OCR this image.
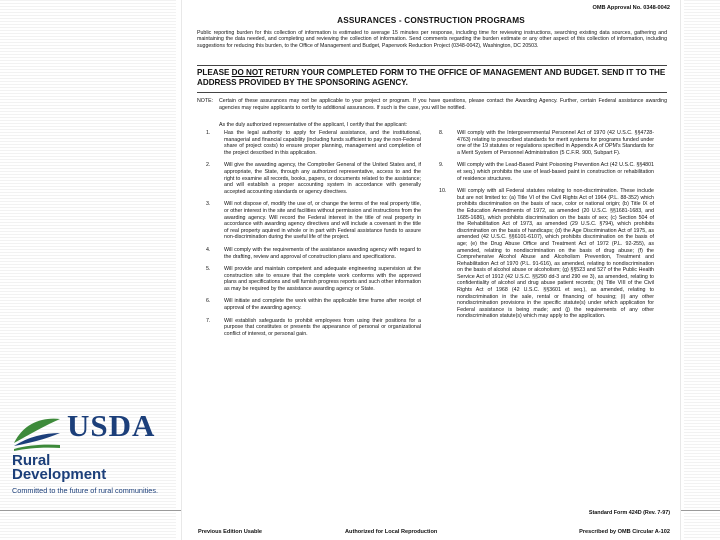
USDA
Rural
Development
Committed to the future of rural communities.
OMB Approval No. 0348-0042
ASSURANCES - CONSTRUCTION PROGRAMS
Public reporting burden for this collection of information is estimated to average 15 minutes per response, including time for reviewing instructions, searching existing data sources, gathering and maintaining the data needed, and completing and reviewing the collection of information. Send comments regarding the burden estimate or any other aspect of this collection of information, including suggestions for reducing this burden, to the Office of Management and Budget, Paperwork Reduction Project (0348-0042), Washington, DC 20503.
PLEASE DO NOT RETURN YOUR COMPLETED FORM TO THE OFFICE OF MANAGEMENT AND BUDGET. SEND IT TO THE ADDRESS PROVIDED BY THE SPONSORING AGENCY.
NOTE:	Certain of these assurances may not be applicable to your project or program. If you have questions, please contact the Awarding Agency. Further, certain Federal assistance awarding agencies may require applicants to certify to additional assurances. If such is the case, you will be notified.
As the duly authorized representative of the applicant, I certify that the applicant:
1.	Has the legal authority to apply for Federal assistance, and the institutional, managerial and financial capability (including funds sufficient to pay the non-Federal share of project costs) to ensure proper planning, management and completion of the project described in this application.
2.	Will give the awarding agency, the Comptroller General of the United States and, if appropriate, the State, through any authorized representative, access to and the right to examine all records, books, papers, or documents related to the assistance; and will establish a proper accounting system in accordance with generally accepted accounting standards or agency directives.
3.	Will not dispose of, modify the use of, or change the terms of the real property title, or other interest in the site and facilities without permission and instructions from the awarding agency. Will record the Federal interest in the title of real property in accordance with awarding agency directives and will include a covenant in the title of real property aquired in whole or in part with Federal assistance funds to assure non-discrimination during the useful life of the project.
4.	Will comply with the requirements of the assistance awarding agency with regard to the drafting, review and approval of construction plans and specifications.
5.	Will provide and maintain competent and adequate engineering supervision at the construction site to ensure that the complete work conforms with the approved plans and specifications and will furnish progress reports and such other information as may be required by the assistance awarding agency or State.
6.	Will initiate and complete the work within the applicable time frame after receipt of approval of the awarding agency.
7.	Will establish safeguards to prohibit employees from using their positions for a purpose that constitutes or presents the appearance of personal or organizational conflict of interest, or personal gain.
8.	Will comply with the Intergovernmental Personnel Act of 1970 (42 U.S.C. §§4728-4763) relating to prescribed standards for merit systems for programs funded under one of the 19 statutes or regulations specified in Appendix A of OPM's Standards for a Merit System of Personnel Administration (5 C.F.R. 900, Subpart F).
9.	Will comply with the Lead-Based Paint Poisoning Prevention Act (42 U.S.C. §§4801 et seq.) which prohibits the use of lead-based paint in construction or rehabilitation of residence structures.
10. Will comply with all Federal statutes relating to non-discrimination. These include but are not limited to: (a) Title VI of the Civil Rights Act of 1964 (P.L. 88-352) which prohibits discrimination on the basis of race, color or national origin; (b) Title IX of the Education Amendments of 1972, as amended (20 U.S.C. §§1681-1683, and 1685-1686), which prohibits discrimination on the basis of sex; (c) Section 504 of the Rehabilitation Act of 1973, as amended (29 U.S.C. §794), which prohibits discrimination on the basis of handicaps; (d) the Age Discrimination Act of 1975, as amended (42 U.S.C. §§6101-6107), which prohibits discrimination on the basis of age; (e) the Drug Abuse Office and Treatment Act of 1972 (P.L. 92-255), as amended, relating to nondiscrimination on the basis of drug abuse; (f) the Comprehensive Alcohol Abuse and Alcoholism Prevention, Treatment and Rehabilitation Act of 1970 (P.L. 91-616), as amended, relating to nondiscrimination on the basis of alcohol abuse or alcoholism; (g) §§523 and 527 of the Public Health Service Act of 1912 (42 U.S.C. §§290 dd-3 and 290 ee 3), as amended, relating to confidentiality of alcohol and drug abuse patient records; (h) Title VIII of the Civil Rights Act of 1968 (42 U.S.C. §§3601 et seq.), as amended, relating to nondiscrimination in the sale, rental or financing of housing; (i) any other nondiscrimination provisions in the specific statute(s) under which application for Federal assistance is being made; and (j) the requirements of any other nondiscrimination statute(s) which may apply to the application.
Standard Form 424D (Rev. 7-97)
Previous Edition Usable	Authorized for Local Reproduction	Prescribed by OMB Circular A-102
